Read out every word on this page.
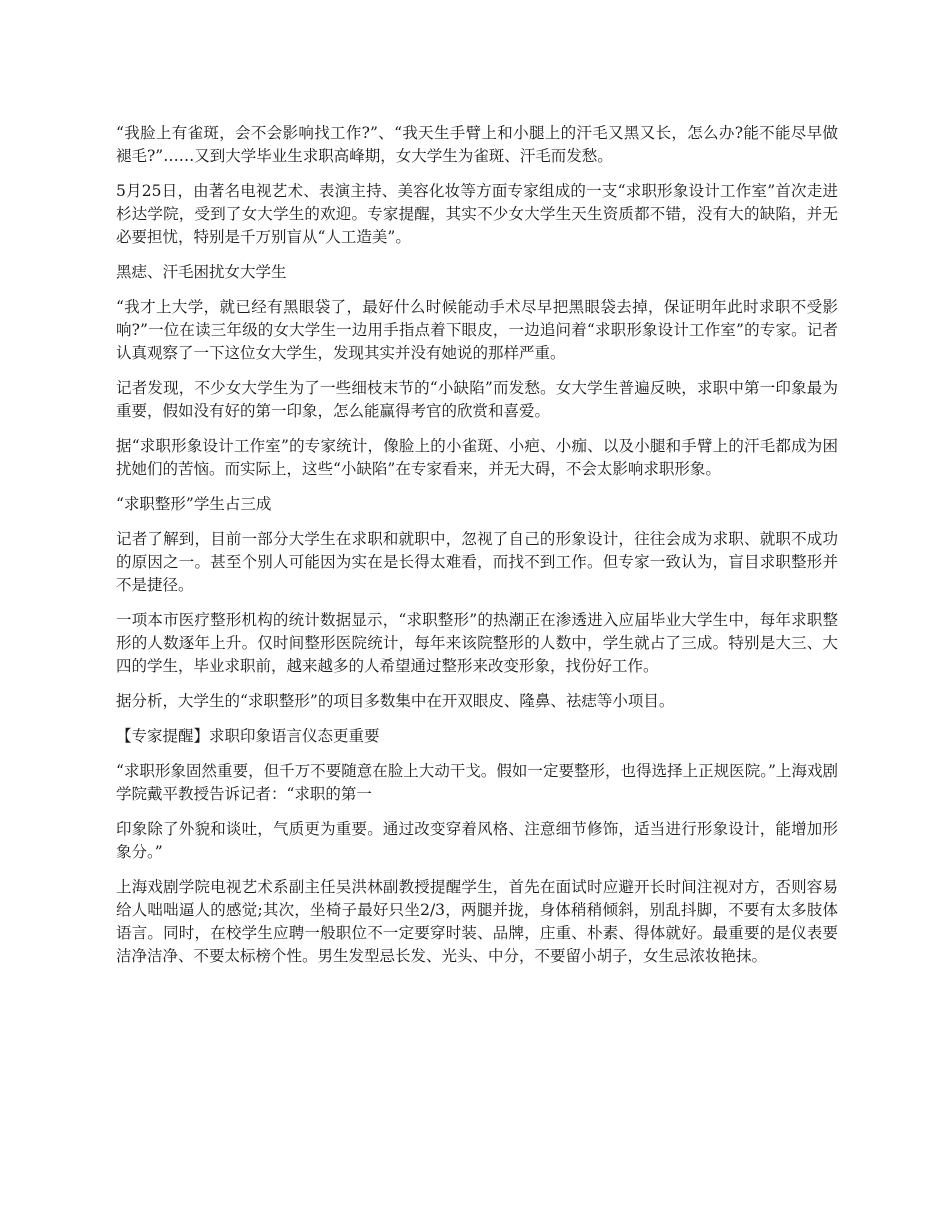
“我脸上有雀斑，会不会影响找工作?”、“我天生手臂上和小腿上的汗毛又黑又长，怎么办?能不能尽早做褪毛?”……又到大学毕业生求职高峰期，女大学生为雀斑、汗毛而发愁。

5月25日，由著名电视艺术、表演主持、美容化妆等方面专家组成的一支“求职形象设计工作室”首次走进杉达学院，受到了女大学生的欢迎。专家提醒，其实不少女大学生天生资质都不错，没有大的缺陷，并无必要担忧，特别是千万别盲从“人工造美”。

黑痣、汗毛困扰女大学生

“我才上大学，就已经有黑眼袋了，最好什么时候能动手术尽早把黑眼袋去掉，保证明年此时求职不受影响?”一位在读三年级的女大学生一边用手指点着下眼皮，一边追问着“求职形象设计工作室”的专家。记者认真观察了一下这位女大学生，发现其实并没有她说的那样严重。

记者发现，不少女大学生为了一些细枝末节的“小缺陷”而发愁。女大学生普遍反映，求职中第一印象最为重要，假如没有好的第一印象，怎么能赢得考官的欣赏和喜爱。

据“求职形象设计工作室”的专家统计，像脸上的小雀斑、小疤、小痂、以及小腿和手臂上的汗毛都成为困扰她们的苦恼。而实际上，这些“小缺陷”在专家看来，并无大碍，不会太影响求职形象。

“求职整形”学生占三成

记者了解到，目前一部分大学生在求职和就职中，忽视了自己的形象设计，往往会成为求职、就职不成功的原因之一。甚至个别人可能因为实在是长得太难看，而找不到工作。但专家一致认为，盲目求职整形并不是捷径。

一项本市医疗整形机构的统计数据显示，“求职整形”的热潮正在渗透进入应届毕业大学生中，每年求职整形的人数逐年上升。仅时间整形医院统计，每年来该院整形的人数中，学生就占了三成。特别是大三、大四的学生，毕业求职前，越来越多的人希望通过整形来改变形象，找份好工作。

据分析，大学生的“求职整形”的项目多数集中在开双眼皮、隆鼻、祛痣等小项目。

【专家提醒】求职印象语言仪态更重要

“求职形象固然重要，但千万不要随意在脸上大动干戈。假如一定要整形，也得选择上正规医院。”上海戏剧学院戴平教授告诉记者：“求职的第一

印象除了外貌和谈吐，气质更为重要。通过改变穿着风格、注意细节修饰，适当进行形象设计，能增加形象分。”

上海戏剧学院电视艺术系副主任吴洪林副教授提醒学生，首先在面试时应避开长时间注视对方，否则容易给人咄咄逼人的感觉;其次，坐椅子最好只坐2/3，两腿并拢，身体稍稍倾斜，别乱抖脚，不要有太多肢体语言。同时，在校学生应聘一般职位不一定要穿时装、品牌，庄重、朴素、得体就好。最重要的是仪表要洁净洁净、不要太标榜个性。男生发型忌长发、光头、中分，不要留小胡子，女生忌浓妆艳抹。
